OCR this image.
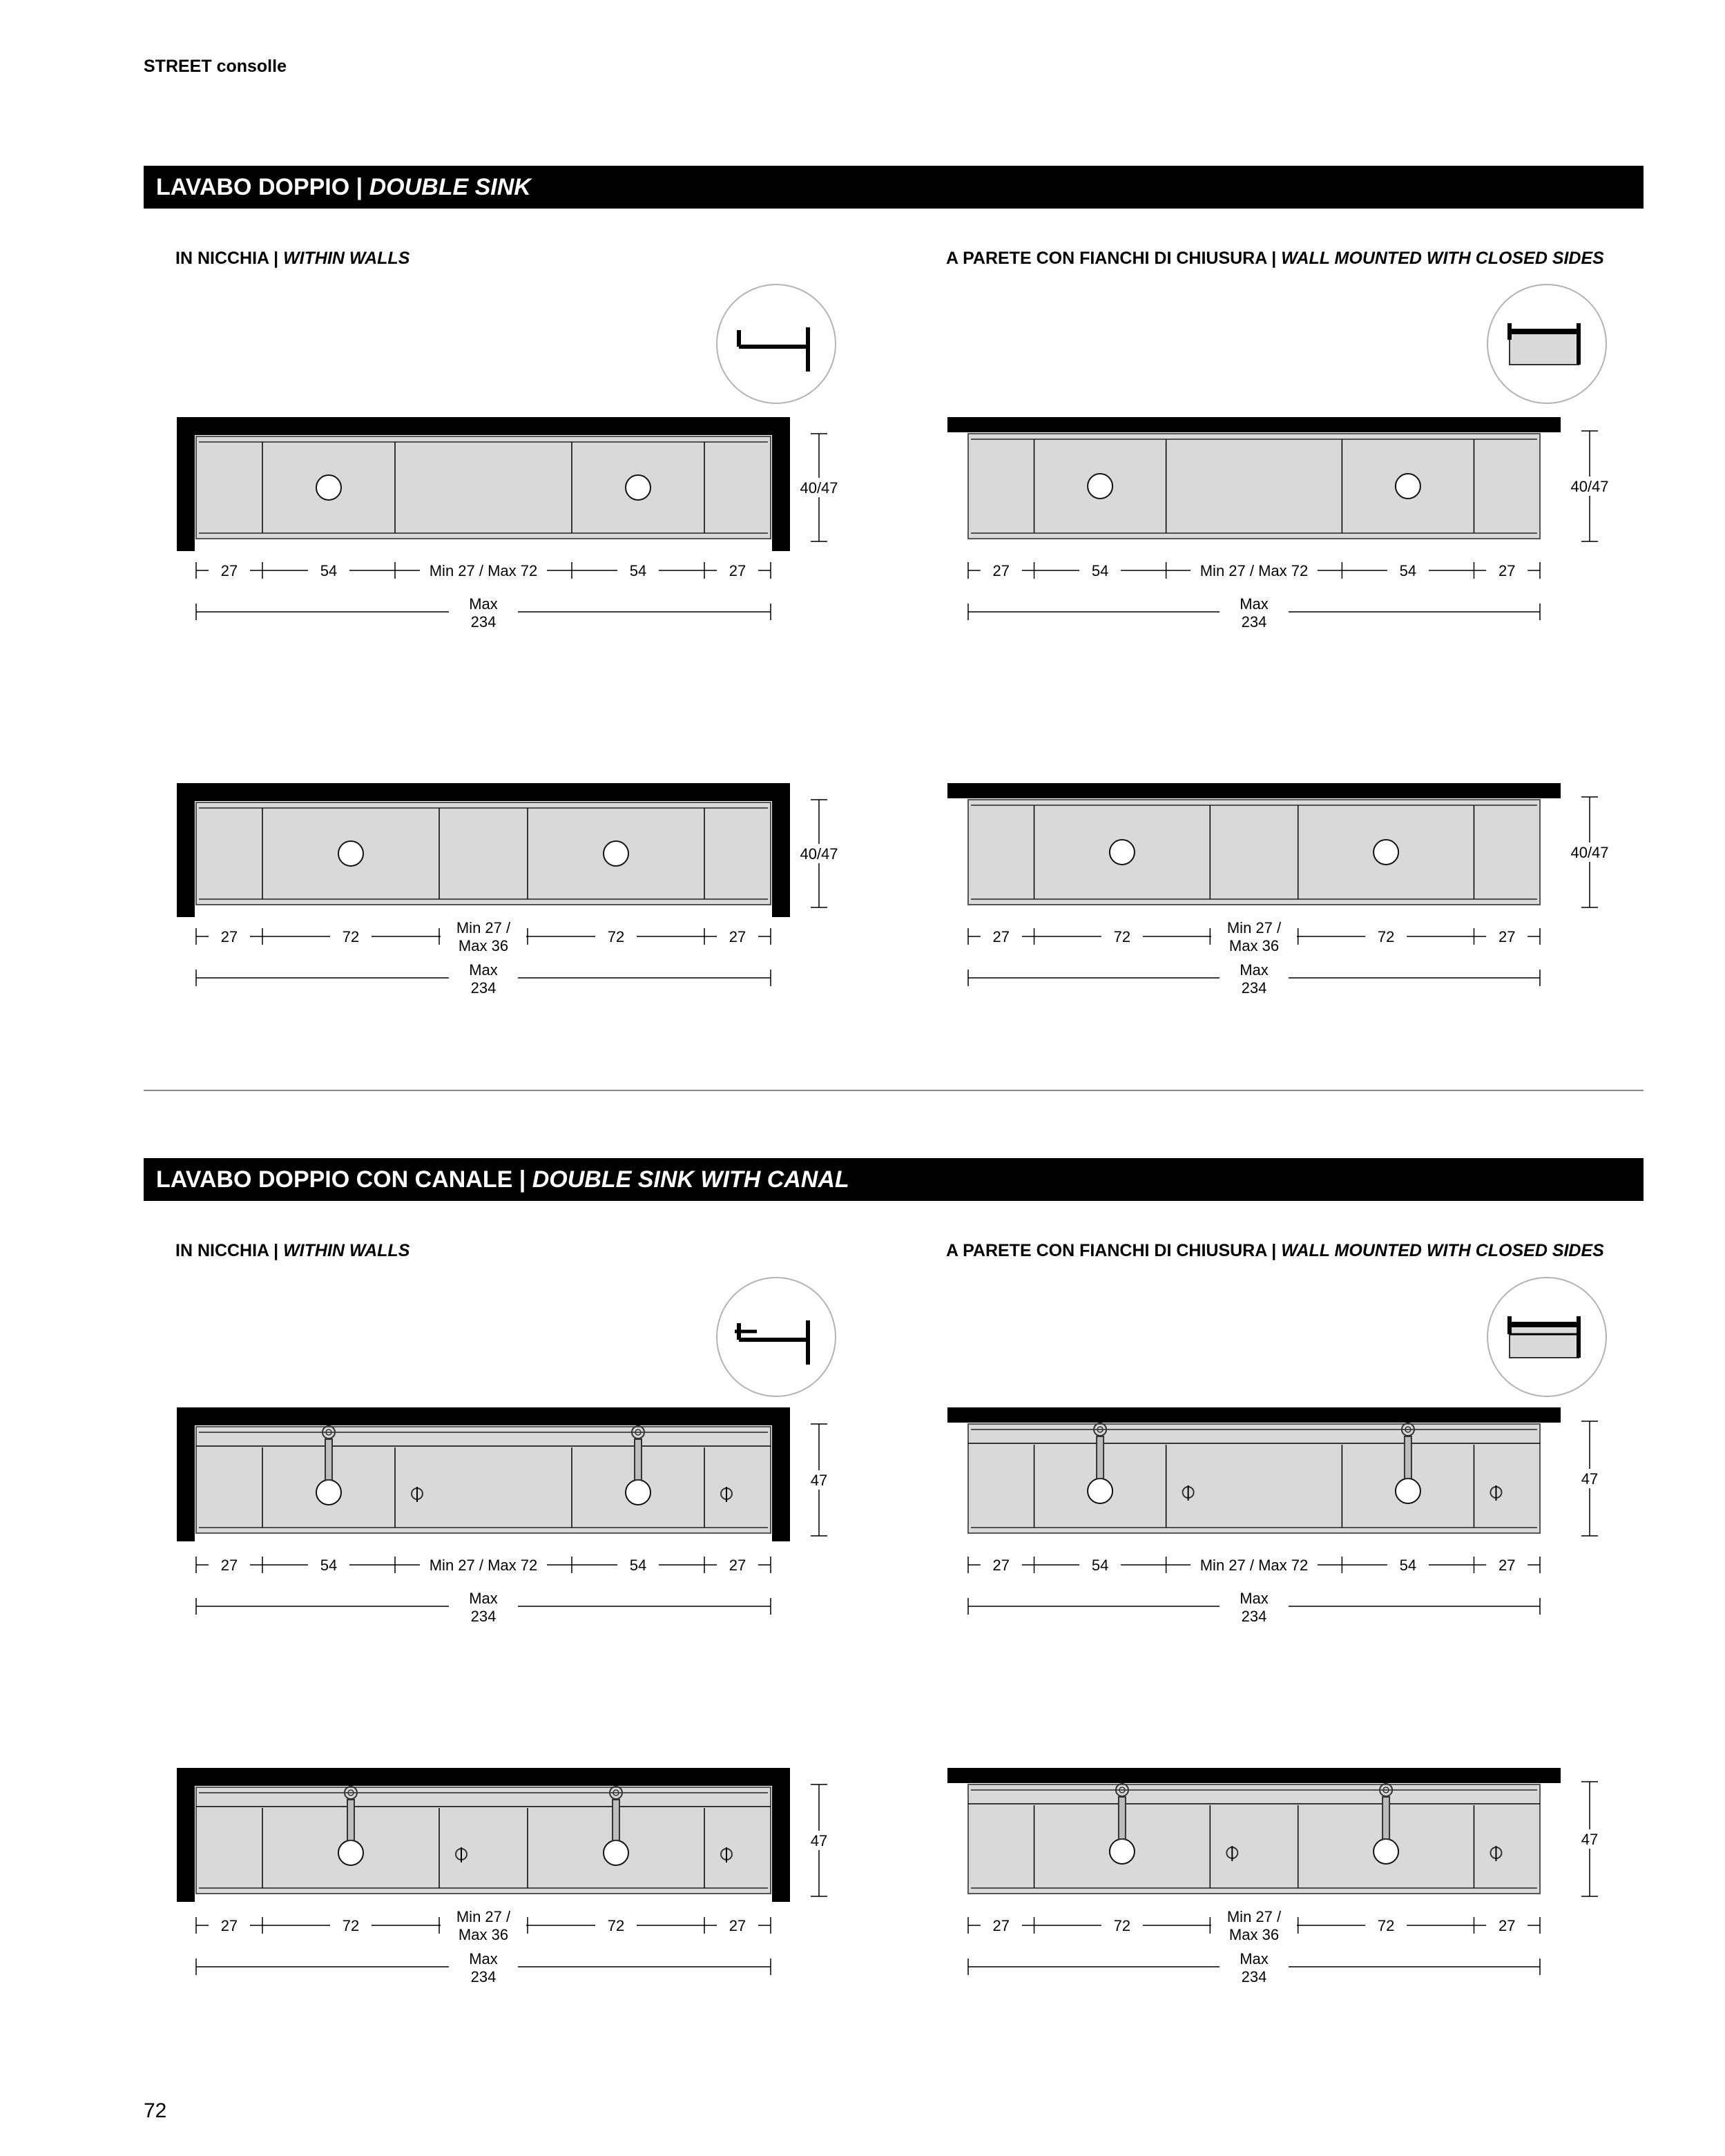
STREET consolle
LAVABO DOPPIO | DOUBLE SINK
IN NICCHIA | WITHIN WALLS	A PARETE CON FIANCHI DI CHIUSURA | WALL MOUNTED WITH CLOSED SIDES
LAVABO DOPPIO CON CANALE | DOUBLE SINK WITH CANAL
IN NICCHIA | WITHIN WALLS	A PARETE CON FIANCHI DI CHIUSURA | WALL MOUNTED WITH CLOSED SIDES
40/47
27	54	Min 27 / Max 72	54	27
Max
234
40/47
27	54	Min 27 / Max 72	54	27
Max
234
40/47
27	72
Min 27 / Max 36
72	27
Max
234
40/47
27	72
Min 27 / Max 36
72	27
Max
234
47
27	54	Min 27 / Max 72	54	27
Max
234
47
27	54	Min 27 / Max 72	54	27
Max
234
47
27	72
Min 27 / Max 36
72	27
Max
234
47
27	72
Min 27 / Max 36
72	27
Max
234
72
